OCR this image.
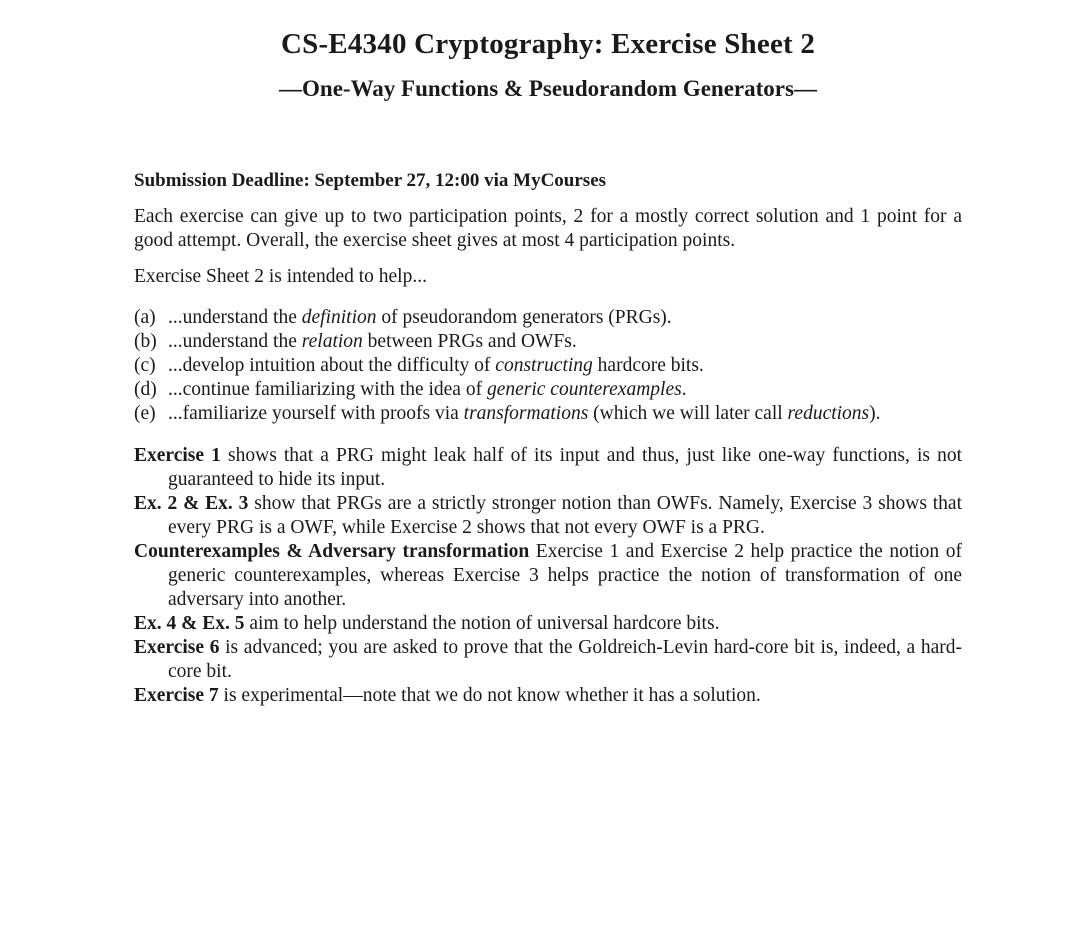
CS-E4340 Cryptography: Exercise Sheet 2
—One-Way Functions & Pseudorandom Generators—

Submission Deadline: September 27, 12:00 via MyCourses

Each exercise can give up to two participation points, 2 for a mostly correct solution and 1 point for a good attempt. Overall, the exercise sheet gives at most 4 participation points.

Exercise Sheet 2 is intended to help...

(a) ...understand the definition of pseudorandom generators (PRGs).
(b) ...understand the relation between PRGs and OWFs.
(c) ...develop intuition about the difficulty of constructing hardcore bits.
(d) ...continue familiarizing with the idea of generic counterexamples.
(e) ...familiarize yourself with proofs via transformations (which we will later call reductions).

Exercise 1 shows that a PRG might leak half of its input and thus, just like one-way functions, is not guaranteed to hide its input.

Ex. 2 & Ex. 3 show that PRGs are a strictly stronger notion than OWFs. Namely, Exercise 3 shows that every PRG is a OWF, while Exercise 2 shows that not every OWF is a PRG.

Counterexamples & Adversary transformation Exercise 1 and Exercise 2 help practice the notion of generic counterexamples, whereas Exercise 3 helps practice the notion of transformation of one adversary into another.

Ex. 4 & Ex. 5 aim to help understand the notion of universal hardcore bits.

Exercise 6 is advanced; you are asked to prove that the Goldreich-Levin hard-core bit is, indeed, a hard-core bit.

Exercise 7 is experimental—note that we do not know whether it has a solution.
